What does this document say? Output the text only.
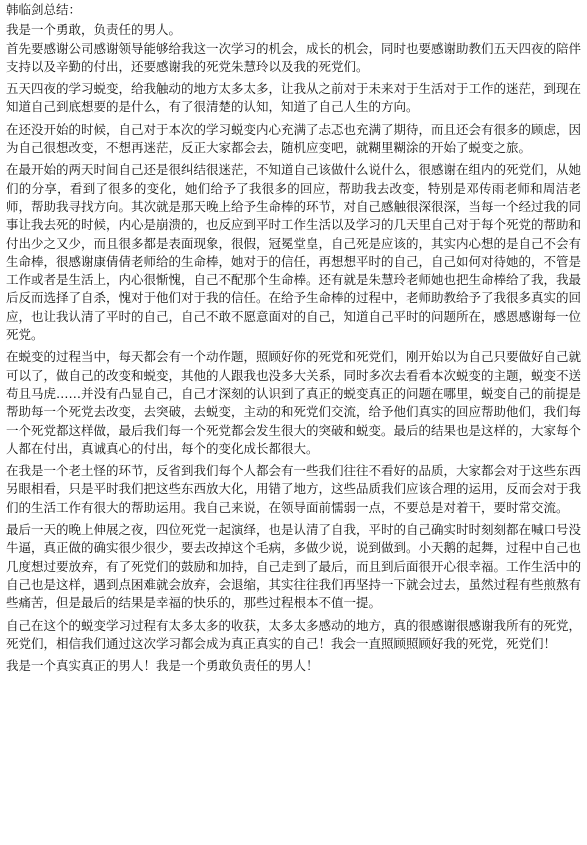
韩临剑总结：

我是一个勇敢，负责任的男人。

首先要感谢公司感谢领导能够给我这一次学习的机会，成长的机会，同时也要感谢助教们五天四夜的陪伴支持以及辛勤的付出，还要感谢我的死党朱慧玲以及我的死党们。

五天四夜的学习蜕变，给我触动的地方太多太多，让我从之前对于未来对于生活对于工作的迷茫，到现在知道自己到底想要的是什么，有了很清楚的认知，知道了自己人生的方向。

在还没开始的时候，自己对于本次的学习蜕变内心充满了忐忑也充满了期待，而且还会有很多的顾虑，因为自己很想改变，不想再迷茫，反正大家都会去，随机应变吧，就糊里糊涂的开始了蜕变之旅。

在最开始的两天时间自己还是很纠结很迷茫，不知道自己该做什么说什么，很感谢在组内的死党们，从她们的分享，看到了很多的变化，她们给予了我很多的回应，帮助我去改变，特别是邓传雨老师和周洁老师，帮助我寻找方向。其次就是那天晚上给予生命棒的环节，对自己感触很深很深，当每一个经过我的同事让我去死的时候，内心是崩溃的，也反应到平时工作生活以及学习的几天里自己对于每个死党的帮助和付出少之又少，而且很多都是表面现象，很假，冠冕堂皇，自己死是应该的，其实内心想的是自己不会有生命棒，很感谢康倩倩老师给的生命棒，她对于的信任，再想想平时的自己，自己如何对待她的，不管是工作或者是生活上，内心很惭愧，自己不配那个生命棒。还有就是朱慧玲老师她也把生命棒给了我，我最后反而选择了自杀，愧对于他们对于我的信任。在给予生命棒的过程中，老师助教给予了我很多真实的回应，也让我认清了平时的自己，自己不敢不愿意面对的自己，知道自己平时的问题所在，感恩感谢每一位死党。

在蜕变的过程当中，每天都会有一个动作题，照顾好你的死党和死党们，刚开始以为自己只要做好自己就可以了，做自己的改变和蜕变，其他的人跟我也没多大关系，同时多次去看看本次蜕变的主题，蜕变不送苟且马虎……并没有凸显自己，自己才深刻的认识到了真正的蜕变真正的问题在哪里，蜕变自己的前提是帮助每一个死党去改变，去突破，去蜕变，主动的和死党们交流，给予他们真实的回应帮助他们，我们每一个死党都这样做，最后我们每一个死党都会发生很大的突破和蜕变。最后的结果也是这样的，大家每个人都在付出，真诚真心的付出，每个的变化成长都很大。

在我是一个老土怪的环节，反省到我们每个人都会有一些我们往往不看好的品质，大家都会对于这些东西另眼相看，只是平时我们把这些东西放大化，用错了地方，这些品质我们应该合理的运用，反而会对于我们的生活工作有很大的帮助运用。我自己来说，在领导面前懦弱一点，不要总是对着干，要时常交流。

最后一天的晚上伸展之夜，四位死党一起演绎，也是认清了自我，平时的自己确实时时刻刻都在喊口号没牛逼，真正做的确实很少很少，要去改掉这个毛病，多做少说，说到做到。小天鹅的起舞，过程中自己也几度想过要放弃，有了死党们的鼓励和加持，自己走到了最后，而且到后面很开心很幸福。工作生活中的自己也是这样，遇到点困难就会放弃，会退缩，其实往往我们再坚持一下就会过去，虽然过程有些煎熬有些痛苦，但是最后的结果是幸福的快乐的，那些过程根本不值一提。

自己在这个的蜕变学习过程有太多太多的收获，太多太多感动的地方，真的很感谢很感谢我所有的死党，死党们，相信我们通过这次学习都会成为真正真实的自己！我会一直照顾照顾好我的死党，死党们！

我是一个真实真正的男人！我是一个勇敢负责任的男人！
